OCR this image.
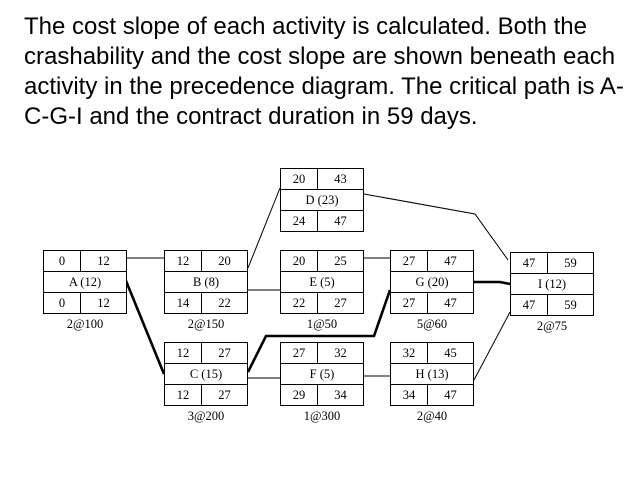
The cost slope of each activity is calculated. Both the crashability and the cost slope are shown beneath each activity in the precedence diagram. The critical path is A-C-G-I and the contract duration in 59 days.

0	12
A (12)
0	12
2@100
12	20
B (8)
14	22
2@150
12	27
C (15)
12	27
3@200
20	43
D (23)
24	47
20	25
E (5)
22	27
1@50
27	32
F (5)
29	34
1@300
27	47
G (20)
27	47
5@60
32	45
H (13)
34	47
2@40
47	59
I (12)
47	59
2@75
